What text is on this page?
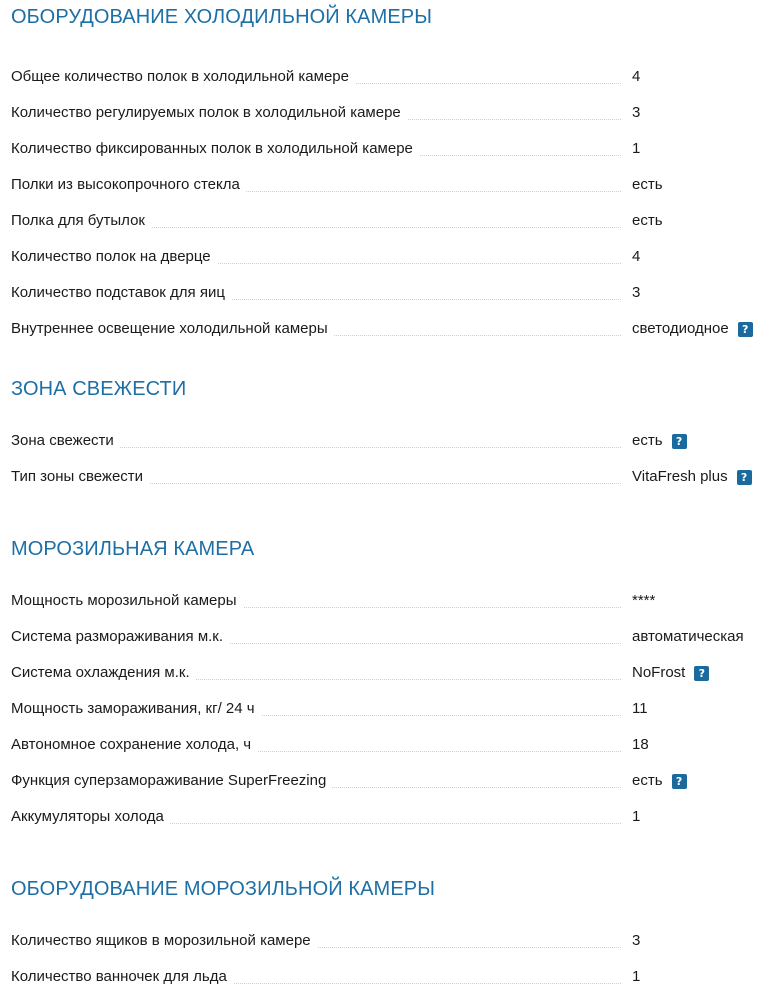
ОБОРУДОВАНИЕ ХОЛОДИЛЬНОЙ КАМЕРЫ
Общее количество полок в холодильной камере	4
Количество регулируемых полок в холодильной камере	3
Количество фиксированных полок в холодильной камере	1
Полки из высокопрочного стекла	есть
Полка для бутылок	есть
Количество полок на дверце	4
Количество подставок для яиц	3
Внутреннее освещение холодильной камеры	светодиодное	?
ЗОНА СВЕЖЕСТИ
Зона свежести	есть	?
Тип зоны свежести	VitaFresh plus	?
МОРОЗИЛЬНАЯ КАМЕРА
Мощность морозильной камеры	****
Система размораживания м.к.	автоматическая
Система охлаждения м.к.	NoFrost	?
Мощность замораживания, кг/ 24 ч	11
Автономное сохранение холода, ч	18
Функция суперзамораживание SuperFreezing	есть	?
Аккумуляторы холода	1
ОБОРУДОВАНИЕ МОРОЗИЛЬНОЙ КАМЕРЫ
Количество ящиков в морозильной камере	3
Количество ванночек для льда	1
